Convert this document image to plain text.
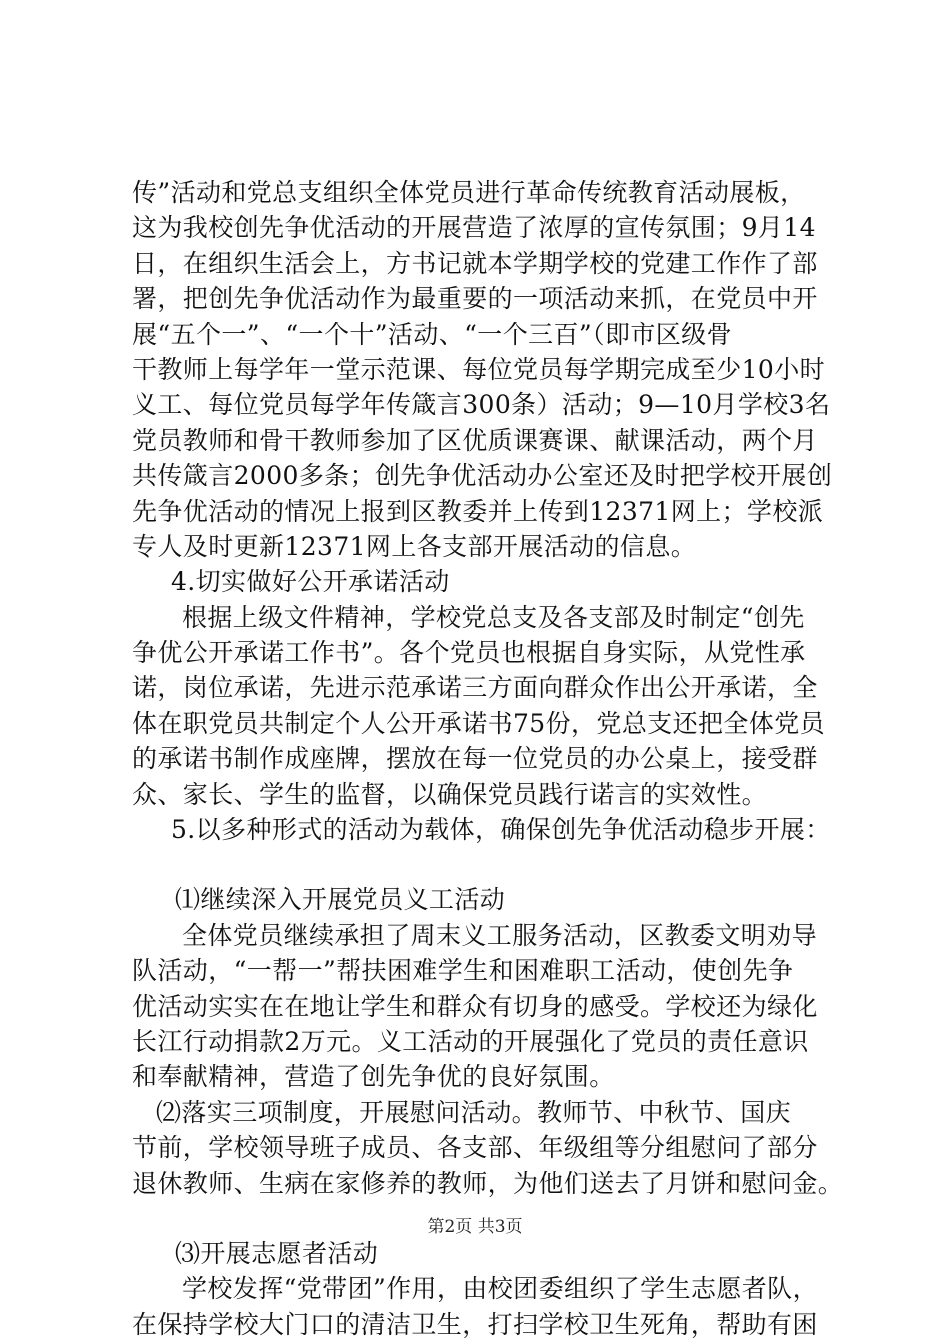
传”活动和党总支组织全体党员进行革命传统教育活动展板，
这为我校创先争优活动的开展营造了浓厚的宣传氛围；9月14
日，在组织生活会上，方书记就本学期学校的党建工作作了部
署，把创先争优活动作为最重要的一项活动来抓，在党员中开
展“五个一”、“一个十”活动、“一个三百”（即市区级骨
干教师上每学年一堂示范课、每位党员每学期完成至少10小时
义工、每位党员每学年传箴言300条）活动；9—10月学校3名
党员教师和骨干教师参加了区优质课赛课、献课活动，两个月
共传箴言2000多条；创先争优活动办公室还及时把学校开展创
先争优活动的情况上报到区教委并上传到12371网上；学校派
专人及时更新12371网上各支部开展活动的信息。
4.切实做好公开承诺活动
根据上级文件精神，学校党总支及各支部及时制定“创先
争优公开承诺工作书”。各个党员也根据自身实际，从党性承
诺，岗位承诺，先进示范承诺三方面向群众作出公开承诺，全
体在职党员共制定个人公开承诺书75份，党总支还把全体党员
的承诺书制作成座牌，摆放在每一位党员的办公桌上，接受群
众、家长、学生的监督，以确保党员践行诺言的实效性。
5.以多种形式的活动为载体，确保创先争优活动稳步开展：
⑴继续深入开展党员义工活动
全体党员继续承担了周末义工服务活动，区教委文明劝导
队活动，“一帮一”帮扶困难学生和困难职工活动，使创先争
优活动实实在在地让学生和群众有切身的感受。学校还为绿化
长江行动捐款2万元。义工活动的开展强化了党员的责任意识
和奉献精神，营造了创先争优的良好氛围。
⑵落实三项制度，开展慰问活动。教师节、中秋节、国庆
节前，学校领导班子成员、各支部、年级组等分组慰问了部分
退休教师、生病在家修养的教师，为他们送去了月饼和慰问金。
⑶开展志愿者活动
学校发挥“党带团”作用，由校团委组织了学生志愿者队，
在保持学校大门口的清洁卫生，打扫学校卫生死角，帮助有困
第2页 共3页
